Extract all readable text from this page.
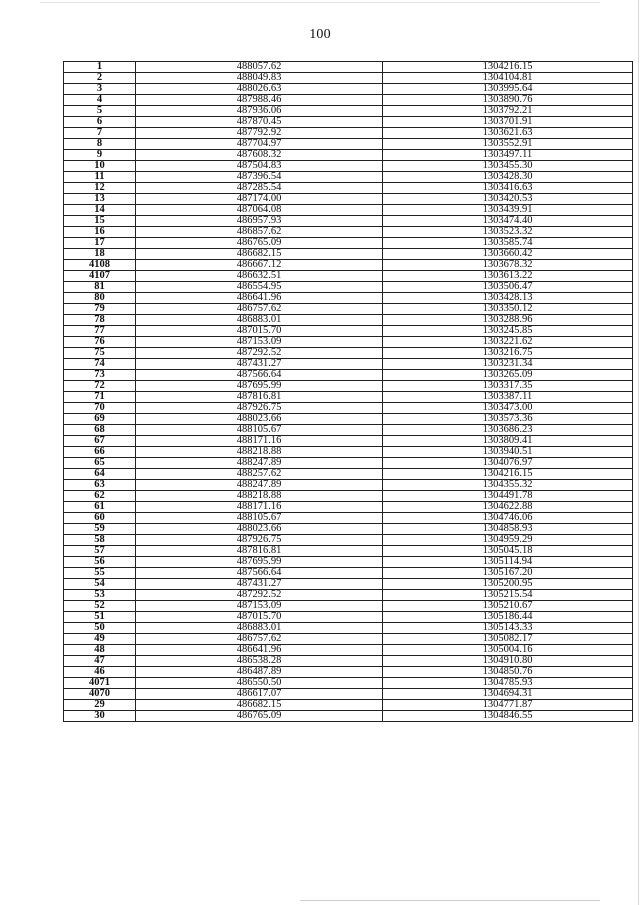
100
1	488057.62	1304216.15
2	488049.83	1304104.81
3	488026.63	1303995.64
4	487988.46	1303890.76
5	487936.06	1303792.21
6	487870.45	1303701.91
7	487792.92	1303621.63
8	487704.97	1303552.91
9	487608.32	1303497.11
10	487504.83	1303455.30
11	487396.54	1303428.30
12	487285.54	1303416.63
13	487174.00	1303420.53
14	487064.08	1303439.91
15	486957.93	1303474.40
16	486857.62	1303523.32
17	486765.09	1303585.74
18	486682.15	1303660.42
4108	486667.12	1303678.32
4107	486632.51	1303613.22
81	486554.95	1303506.47
80	486641.96	1303428.13
79	486757.62	1303350.12
78	486883.01	1303288.96
77	487015.70	1303245.85
76	487153.09	1303221.62
75	487292.52	1303216.75
74	487431.27	1303231.34
73	487566.64	1303265.09
72	487695.99	1303317.35
71	487816.81	1303387.11
70	487926.75	1303473.00
69	488023.66	1303573.36
68	488105.67	1303686.23
67	488171.16	1303809.41
66	488218.88	1303940.51
65	488247.89	1304076.97
64	488257.62	1304216.15
63	488247.89	1304355.32
62	488218.88	1304491.78
61	488171.16	1304622.88
60	488105.67	1304746.06
59	488023.66	1304858.93
58	487926.75	1304959.29
57	487816.81	1305045.18
56	487695.99	1305114.94
55	487566.64	1305167.20
54	487431.27	1305200.95
53	487292.52	1305215.54
52	487153.09	1305210.67
51	487015.70	1305186.44
50	486883.01	1305143.33
49	486757.62	1305082.17
48	486641.96	1305004.16
47	486538.28	1304910.80
46	486487.89	1304850.76
4071	486550.50	1304785.93
4070	486617.07	1304694.31
29	486682.15	1304771.87
30	486765.09	1304846.55
